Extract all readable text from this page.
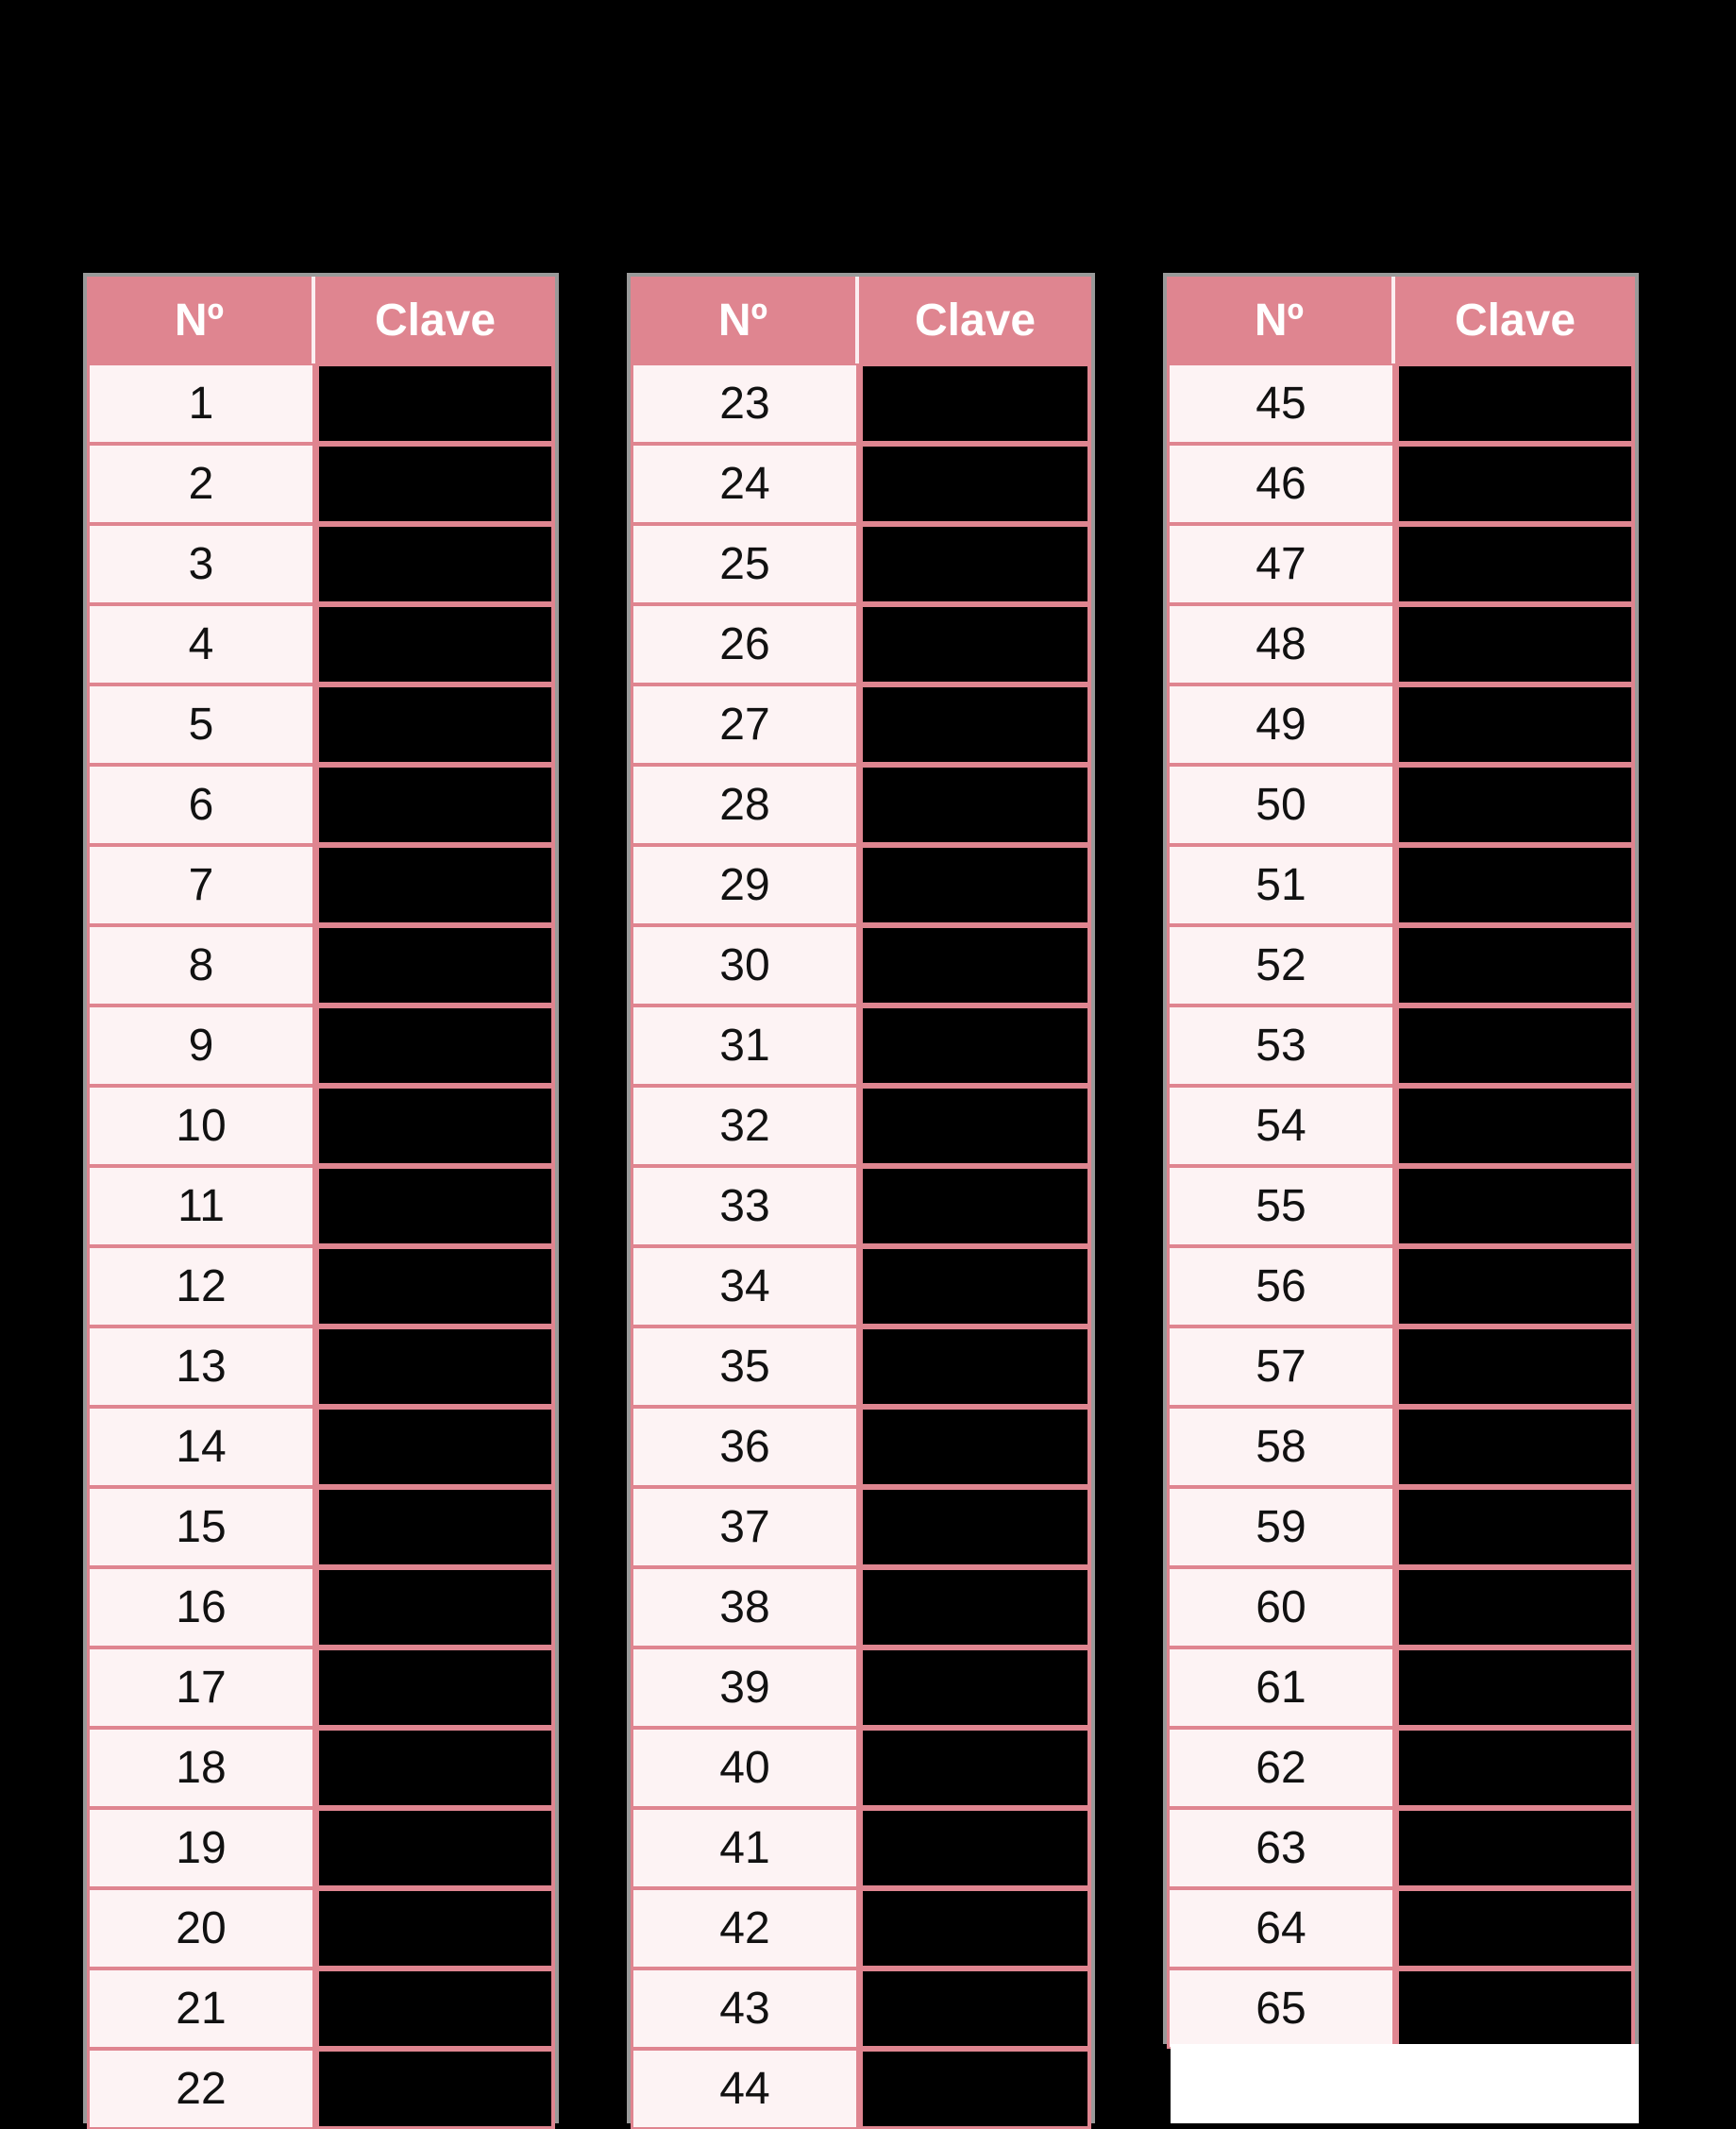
Nº	Clave
1
2
3
4
5
6
7
8
9
10
11
12
13
14
15
16
17
18
19
20
21
22
Nº	Clave
23
24
25
26
27
28
29
30
31
32
33
34
35
36
37
38
39
40
41
42
43
44
Nº	Clave
45
46
47
48
49
50
51
52
53
54
55
56
57
58
59
60
61
62
63
64
65
